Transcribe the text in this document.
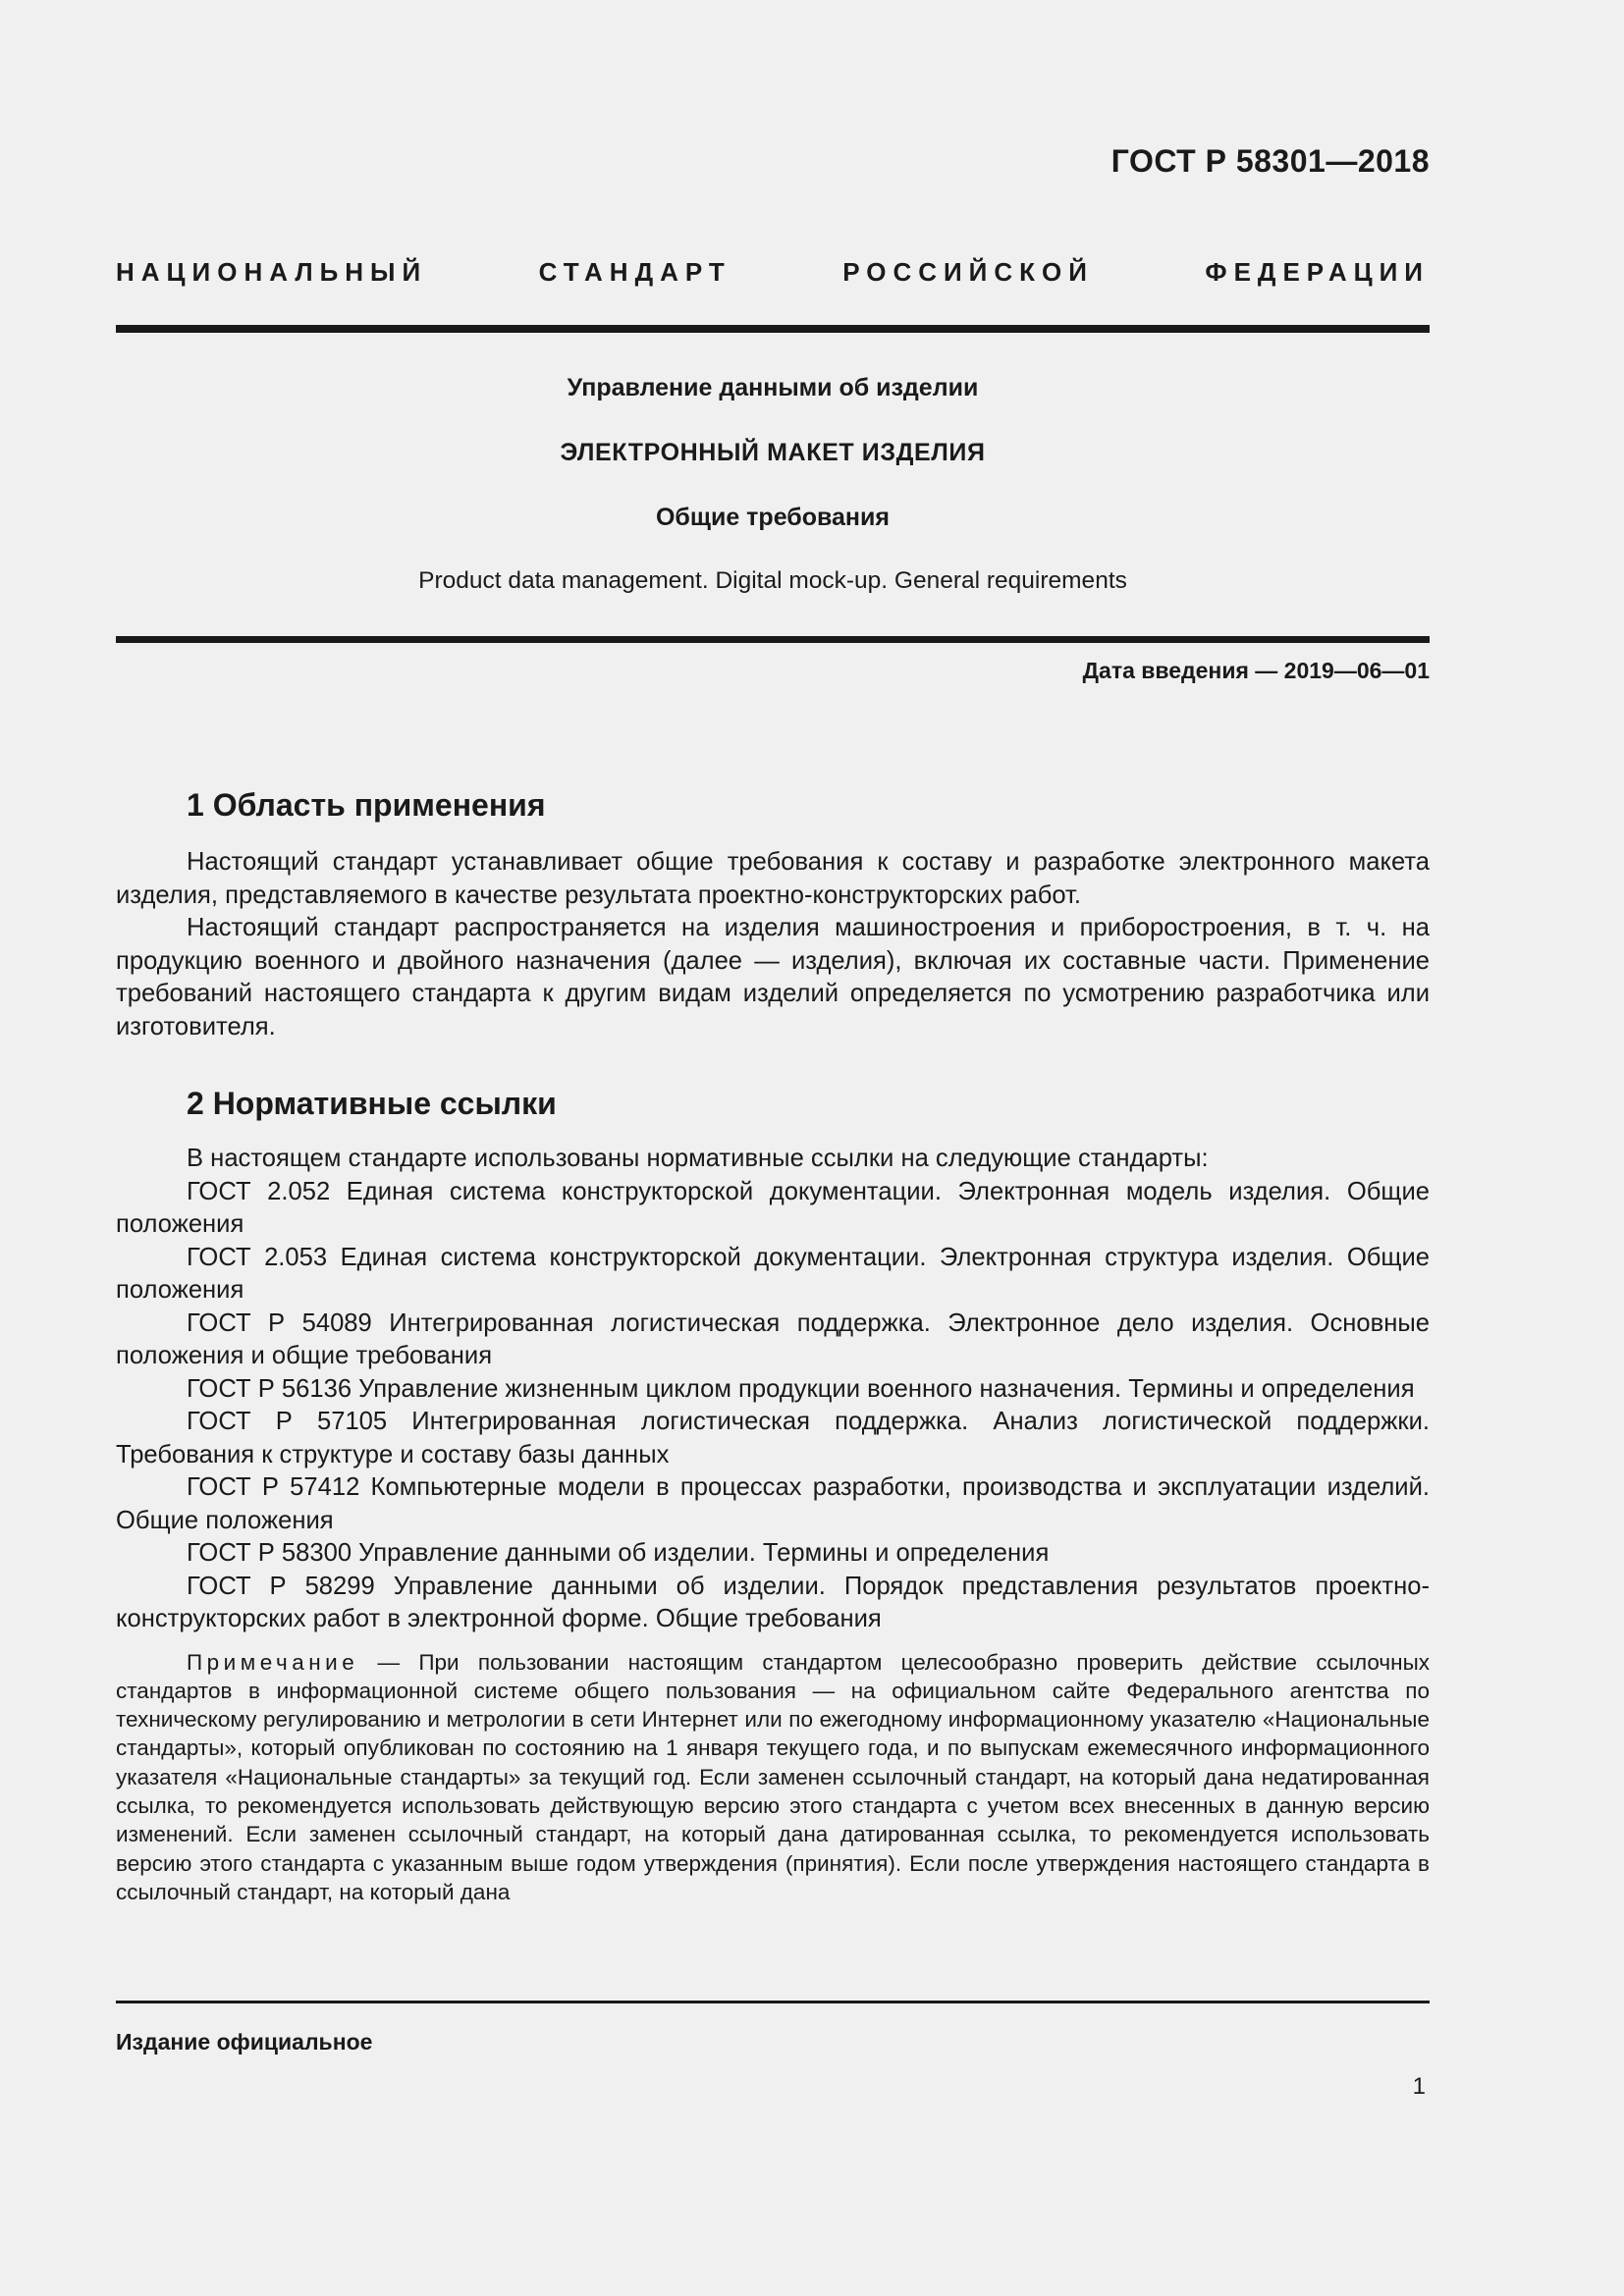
ГОСТ Р 58301—2018
НАЦИОНАЛЬНЫЙ СТАНДАРТ РОССИЙСКОЙ ФЕДЕРАЦИИ
Управление данными об изделии
ЭЛЕКТРОННЫЙ МАКЕТ ИЗДЕЛИЯ
Общие требования
Product data management. Digital mock-up. General requirements
Дата введения — 2019—06—01
1 Область применения

Настоящий стандарт устанавливает общие требования к составу и разработке электронного макета изделия, представляемого в качестве результата проектно-конструкторских работ.

Настоящий стандарт распространяется на изделия машиностроения и приборостроения, в т. ч. на продукцию военного и двойного назначения (далее — изделия), включая их составные части. Применение требований настоящего стандарта к другим видам изделий определяется по усмотрению разработчика или изготовителя.

2 Нормативные ссылки

В настоящем стандарте использованы нормативные ссылки на следующие стандарты:

ГОСТ 2.052 Единая система конструкторской документации. Электронная модель изделия. Общие положения

ГОСТ 2.053 Единая система конструкторской документации. Электронная структура изделия. Общие положения

ГОСТ Р 54089 Интегрированная логистическая поддержка. Электронное дело изделия. Основные положения и общие требования

ГОСТ Р 56136 Управление жизненным циклом продукции военного назначения. Термины и определения

ГОСТ Р 57105 Интегрированная логистическая поддержка. Анализ логистической поддержки. Требования к структуре и составу базы данных

ГОСТ Р 57412 Компьютерные модели в процессах разработки, производства и эксплуатации изделий. Общие положения

ГОСТ Р 58300 Управление данными об изделии. Термины и определения

ГОСТ Р 58299 Управление данными об изделии. Порядок представления результатов проектно-конструкторских работ в электронной форме. Общие требования

Примечание — При пользовании настоящим стандартом целесообразно проверить действие ссылочных стандартов в информационной системе общего пользования — на официальном сайте Федерального агентства по техническому регулированию и метрологии в сети Интернет или по ежегодному информационному указателю «Национальные стандарты», который опубликован по состоянию на 1 января текущего года, и по выпускам ежемесячного информационного указателя «Национальные стандарты» за текущий год. Если заменен ссылочный стандарт, на который дана недатированная ссылка, то рекомендуется использовать действующую версию этого стандарта с учетом всех внесенных в данную версию изменений. Если заменен ссылочный стандарт, на который дана датированная ссылка, то рекомендуется использовать версию этого стандарта с указанным выше годом утверждения (принятия). Если после утверждения настоящего стандарта в ссылочный стандарт, на который дана

Издание официальное
1
